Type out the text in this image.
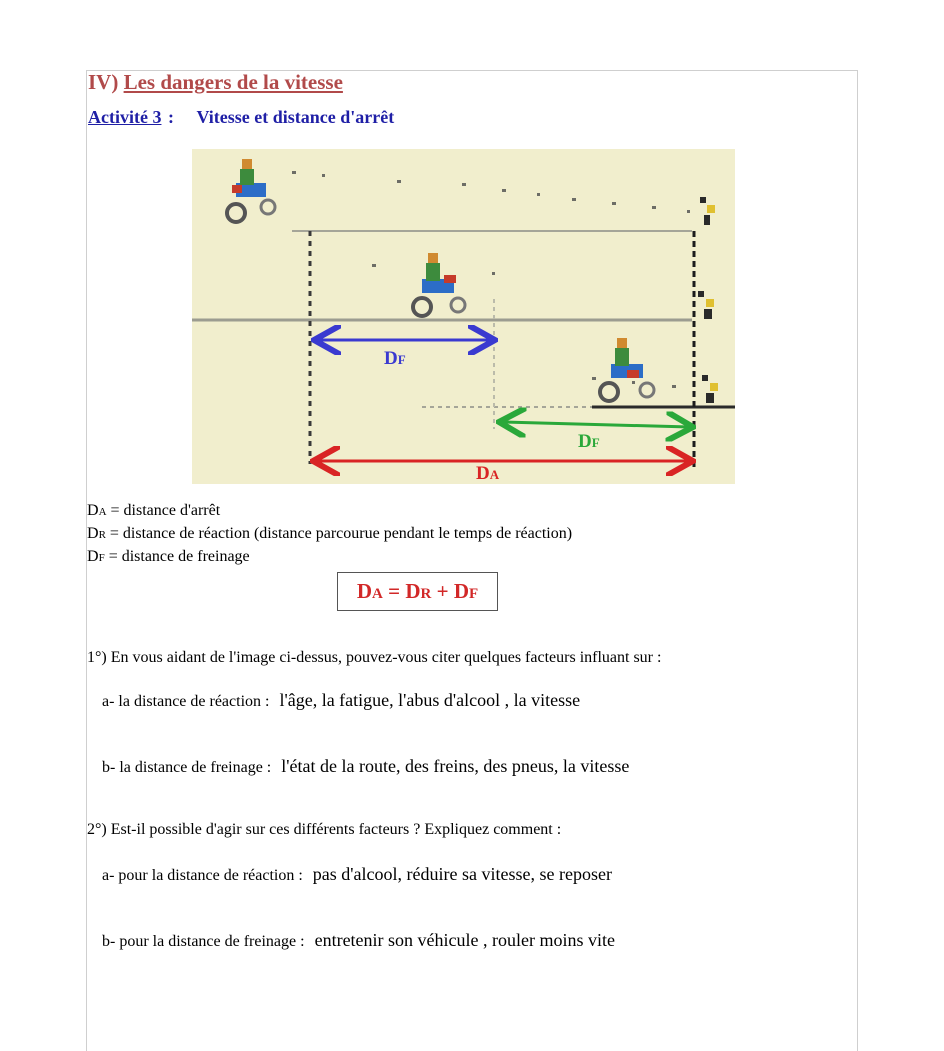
IV) Les dangers de la vitesse
Activité 3 : Vitesse et distance d'arrêt
DF
DF
DA
DA = distance d'arrêt
DR = distance de réaction (distance parcourue pendant le temps de réaction)
DF = distance de freinage
DA = DR + DF
1°) En vous aidant de l'image ci-dessus, pouvez-vous citer quelques facteurs influant sur :
a- la distance de réaction : l'âge, la fatigue, l'abus d'alcool , la vitesse
b- la distance de freinage : l'état de la route, des freins, des pneus, la vitesse
2°) Est-il possible d'agir sur ces différents facteurs ? Expliquez comment :
a- pour la distance de réaction : pas d'alcool, réduire sa vitesse, se reposer
b- pour la distance de freinage : entretenir son véhicule , rouler moins vite
